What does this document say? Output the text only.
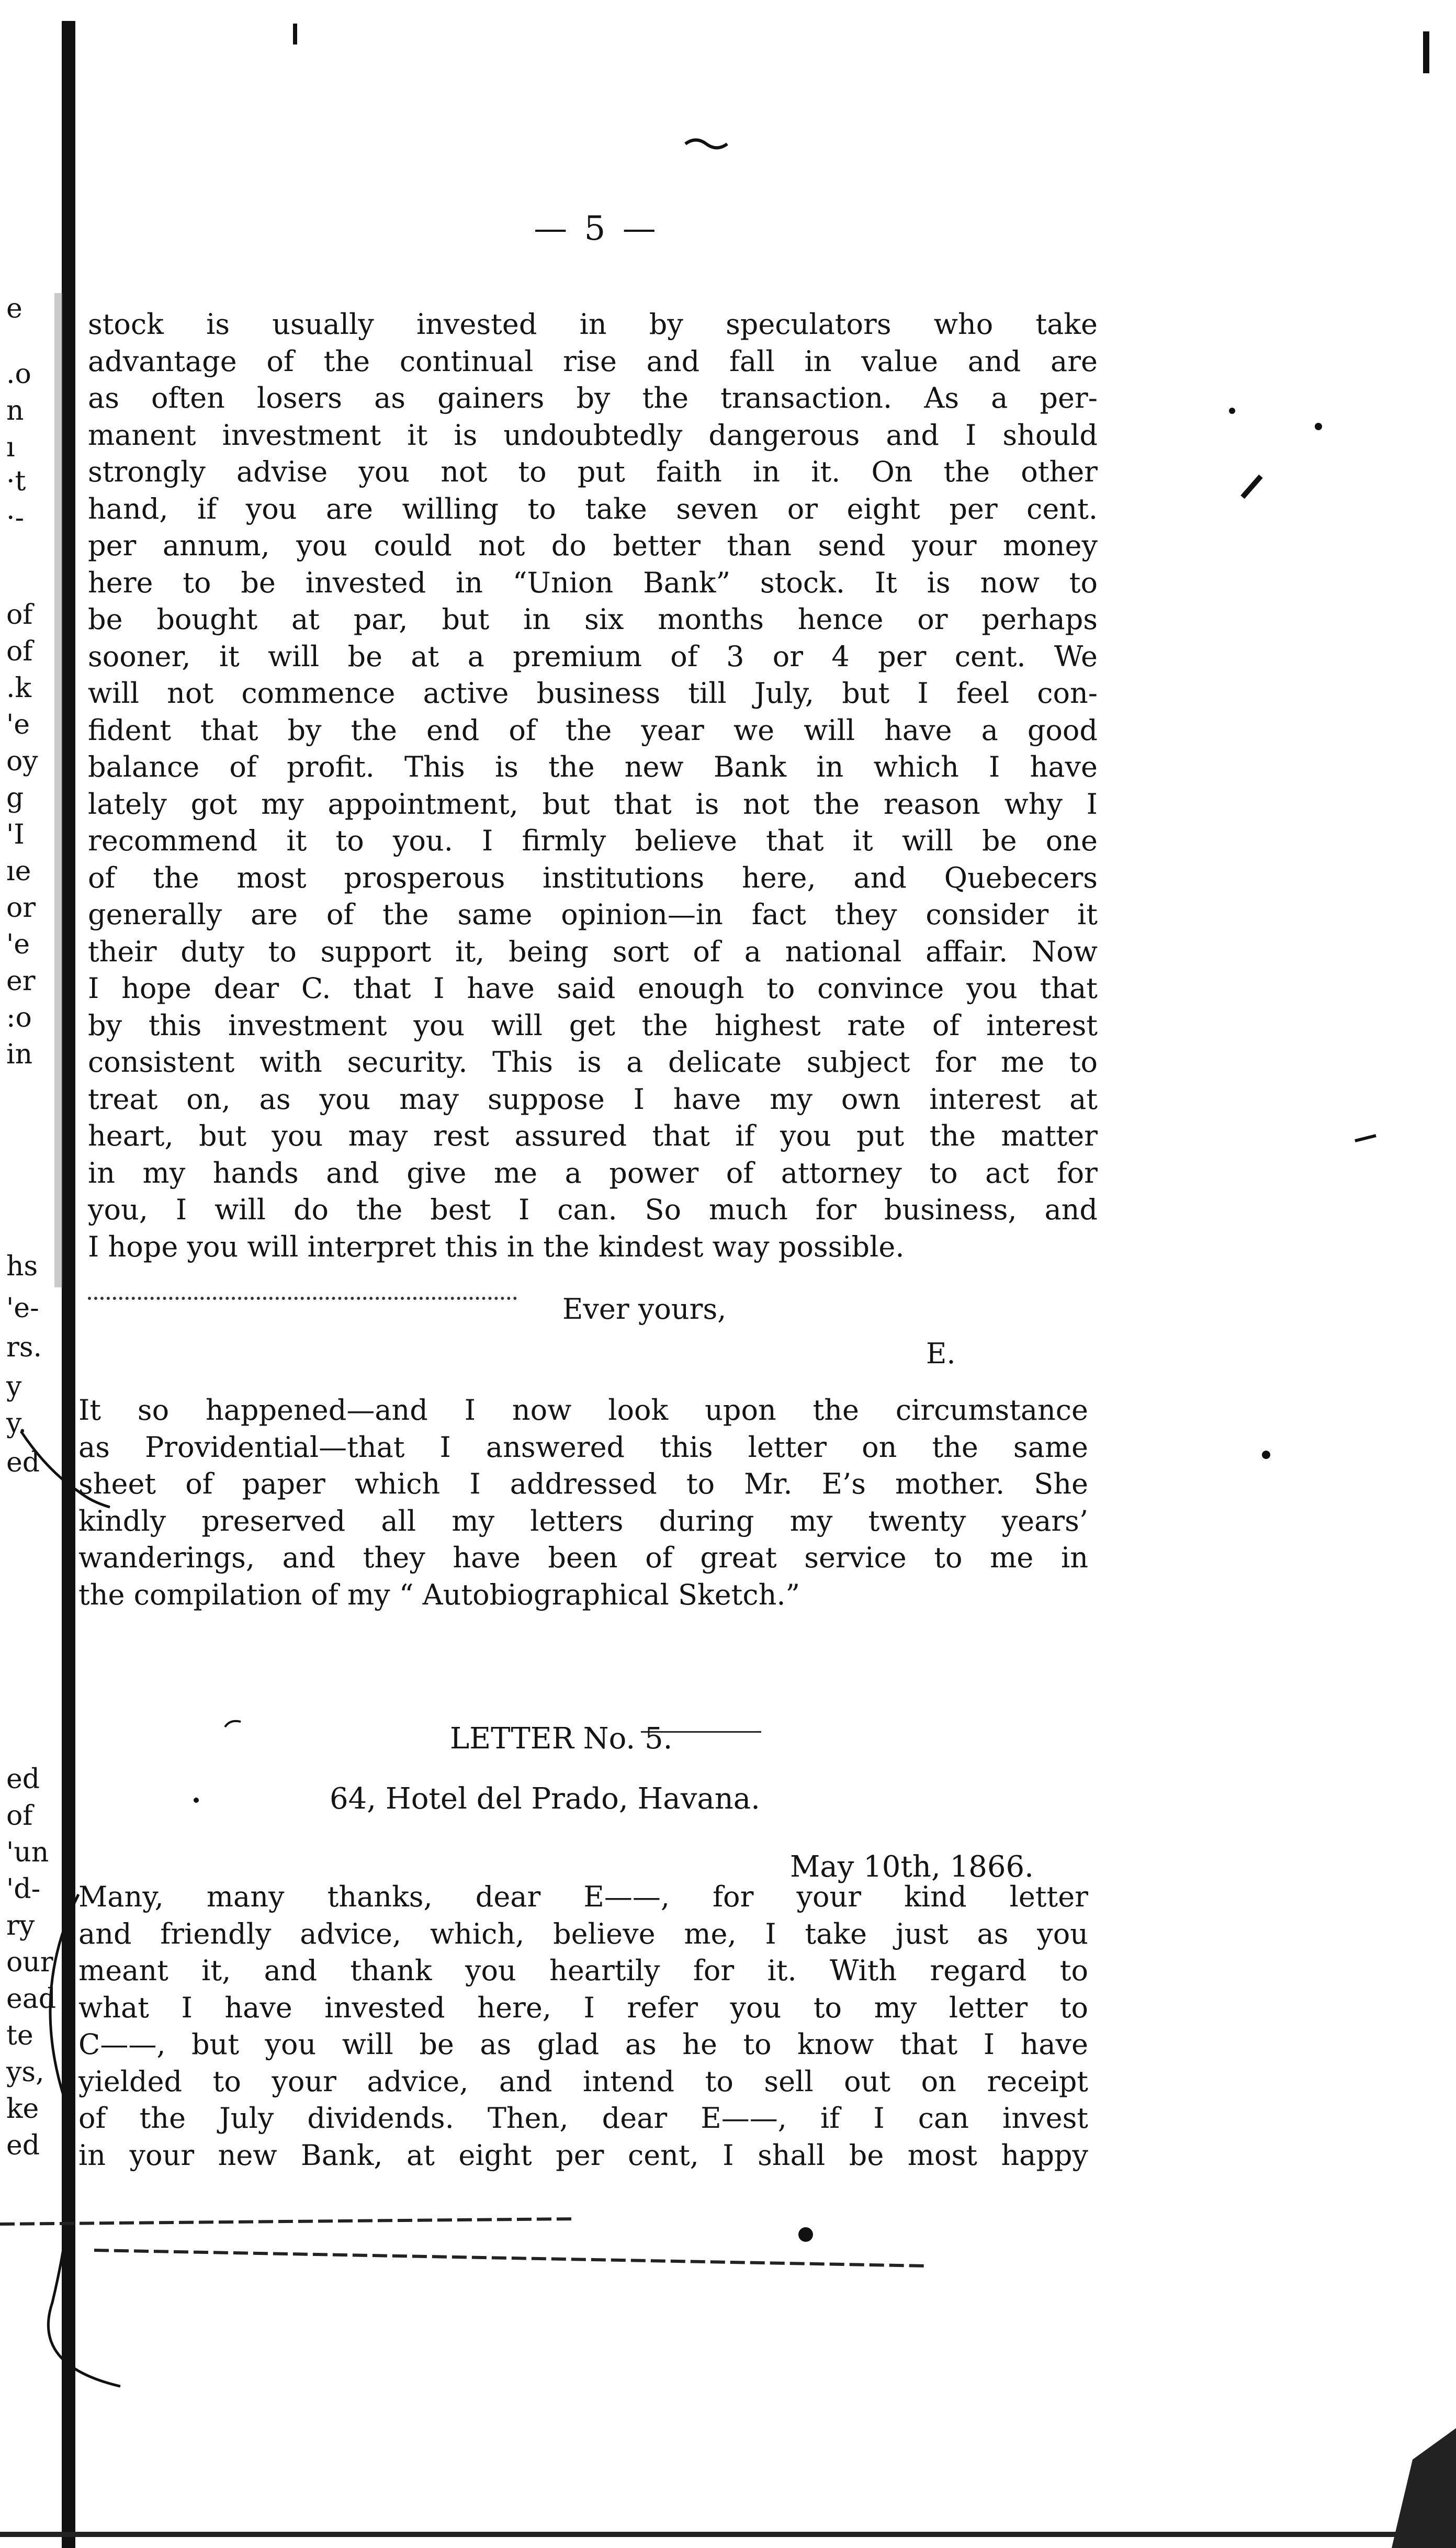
e
.o
n
ı
·t
·-
of
of
.k
'e
oy
g
'I
ıe
or
'e
er
:o
in
hs
'e-
rs.
y
y.
ed
ed
of
'un
'd-
ry
our
ead
te
ys,
ke
ed
— 5 —
stock is usually invested in by speculators who take
advantage of the continual rise and fall in value and are
as often losers as gainers by the transaction. As a per-
manent investment it is undoubtedly dangerous and I should
strongly advise you not to put faith in it. On the other
hand, if you are willing to take seven or eight per cent.
per annum, you could not do better than send your money
here to be invested in “Union Bank” stock. It is now to
be bought at par, but in six months hence or perhaps
sooner, it will be at a premium of 3 or 4 per cent. We
will not commence active business till July, but I feel con-
fident that by the end of the year we will have a good
balance of profit. This is the new Bank in which I have
lately got my appointment, but that is not the reason why I
recommend it to you. I firmly believe that it will be one
of the most prosperous institutions here, and Quebecers
generally are of the same opinion—in fact they consider it
their duty to support it, being sort of a national affair. Now
I hope dear C. that I have said enough to convince you that
by this investment you will get the highest rate of interest
consistent with security. This is a delicate subject for me to
treat on, as you may suppose I have my own interest at
heart, but you may rest assured that if you put the matter
in my hands and give me a power of attorney to act for
you, I will do the best I can. So much for business, and
I hope you will interpret this in the kindest way possible.
Ever yours,
E.
It so happened—and I now look upon the circumstance
as Providential—that I answered this letter on the same
sheet of paper which I addressed to Mr. E’s mother. She
kindly preserved all my letters during my twenty years’
wanderings, and they have been of great service to me in
the compilation of my “ Autobiographical Sketch.”
LETTER No. 5.
64, Hotel del Prado, Havana.
May 10th, 1866.
Many, many thanks, dear E——, for your kind letter
and friendly advice, which, believe me, I take just as you
meant it, and thank you heartily for it. With regard to
what I have invested here, I refer you to my letter to
C——, but you will be as glad as he to know that I have
yielded to your advice, and intend to sell out on receipt
of the July dividends. Then, dear E——, if I can invest
in your new Bank, at eight per cent, I shall be most happy
